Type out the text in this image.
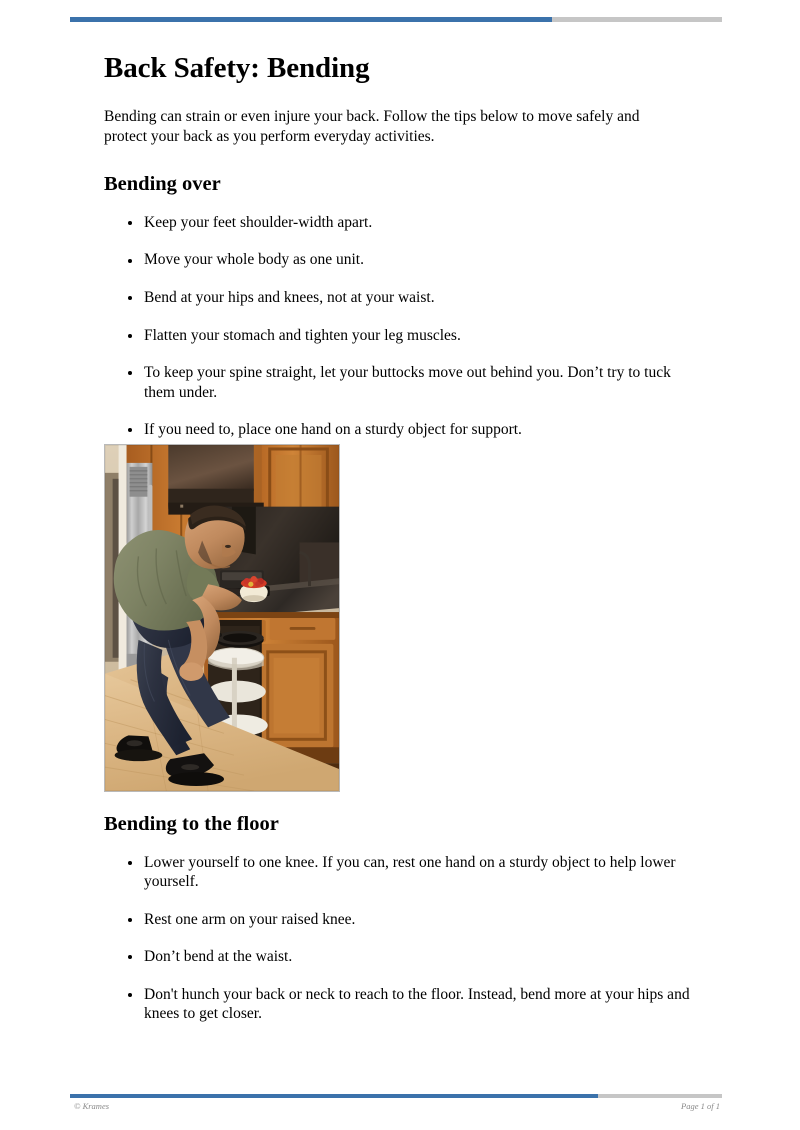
Back Safety: Bending

Bending can strain or even injure your back. Follow the tips below to move safely and protect your back as you perform everyday activities.

Bending over
Keep your feet shoulder-width apart.
Move your whole body as one unit.
Bend at your hips and knees, not at your waist.
Flatten your stomach and tighten your leg muscles.
To keep your spine straight, let your buttocks move out behind you. Don’t try to tuck them under.
If you need to, place one hand on a sturdy object for support.
Bending to the floor
Lower yourself to one knee. If you can, rest one hand on a sturdy object to help lower yourself.
Rest one arm on your raised knee.
Don’t bend at the waist.
Don't hunch your back or neck to reach to the floor. Instead, bend more at your hips and knees to get closer.
© Krames	Page 1 of 1
